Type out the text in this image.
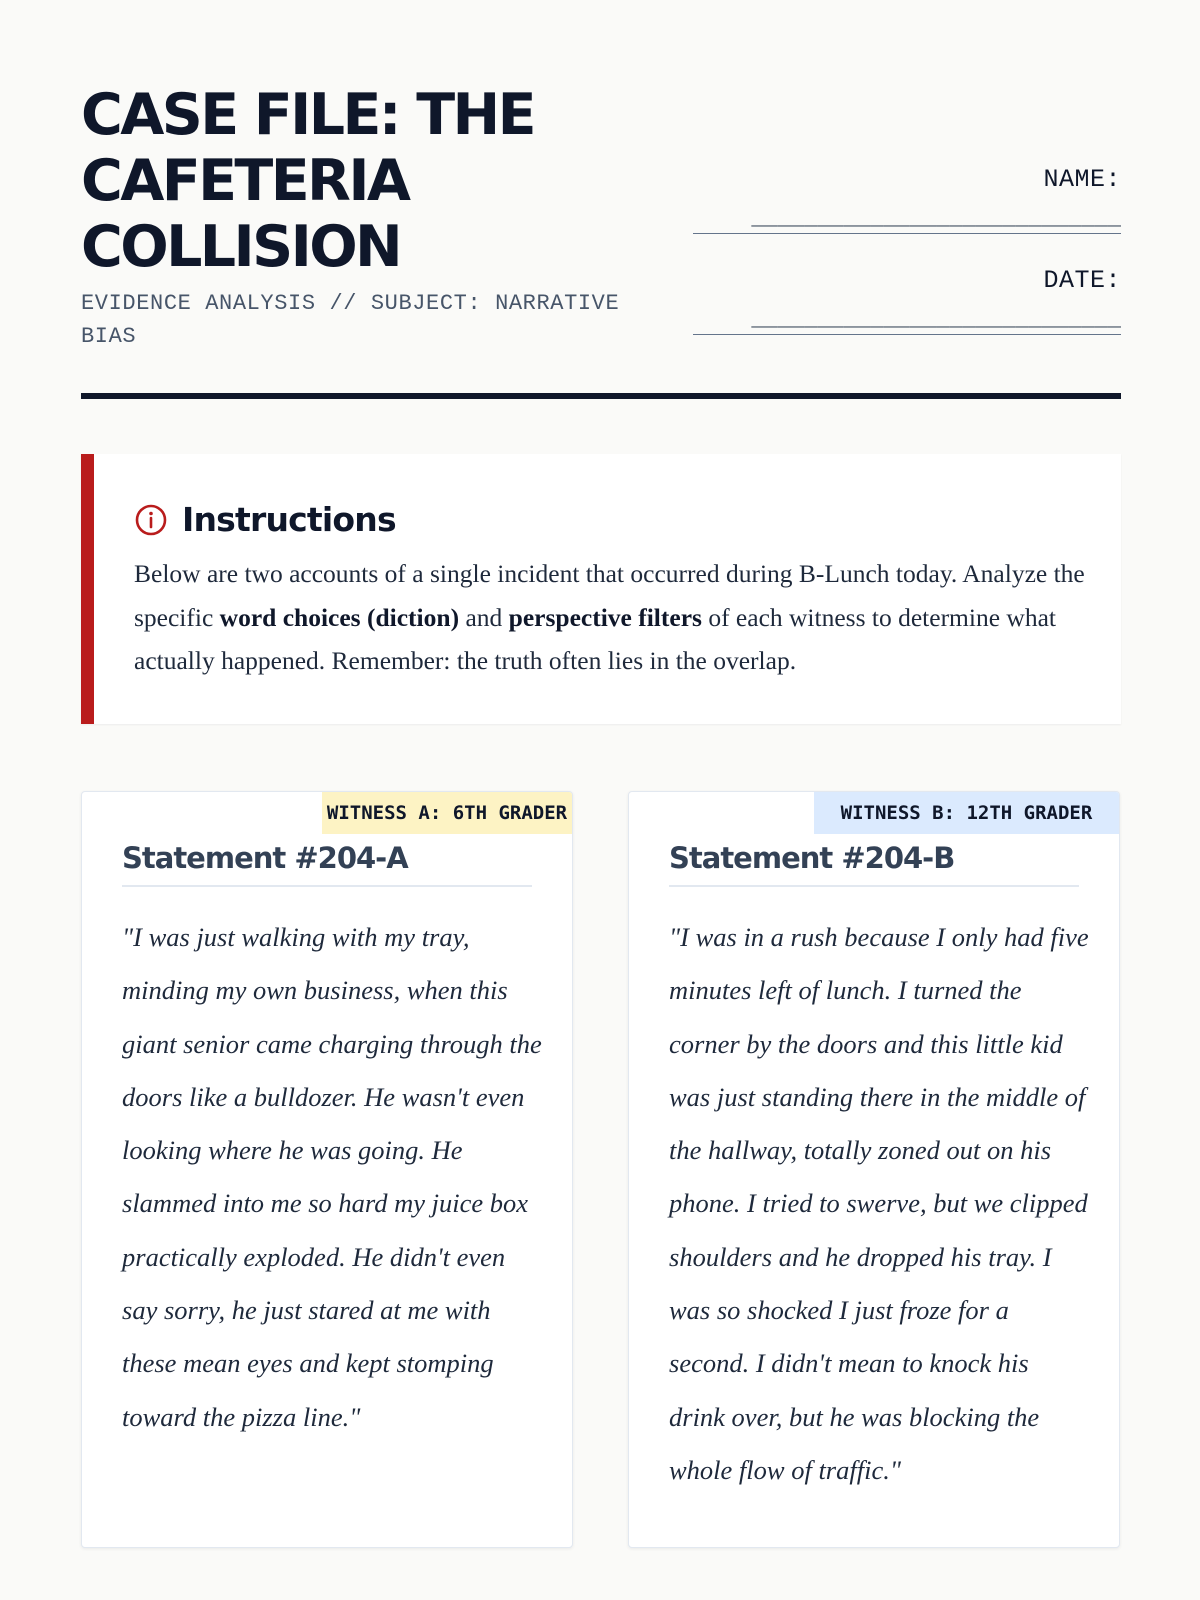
CASE FILE: THE CAFETERIA COLLISION
EVIDENCE ANALYSIS // SUBJECT: NARRATIVE BIAS
NAME:
____________________________
DATE:
____________________________
Instructions

Below are two accounts of a single incident that occurred during B-Lunch today. Analyze the specific word choices (diction) and perspective filters of each witness to determine what actually happened. Remember: the truth often lies in the overlap.

WITNESS A: 6TH GRADER
Statement #204-A

"I was just walking with my tray, minding my own business, when this giant senior came charging through the doors like a bulldozer. He wasn't even looking where he was going. He slammed into me so hard my juice box practically exploded. He didn't even say sorry, he just stared at me with these mean eyes and kept stomping toward the pizza line."

WITNESS B: 12TH GRADER
Statement #204-B

"I was in a rush because I only had five minutes left of lunch. I turned the corner by the doors and this little kid was just standing there in the middle of the hallway, totally zoned out on his phone. I tried to swerve, but we clipped shoulders and he dropped his tray. I was so shocked I just froze for a second. I didn't mean to knock his drink over, but he was blocking the whole flow of traffic."
